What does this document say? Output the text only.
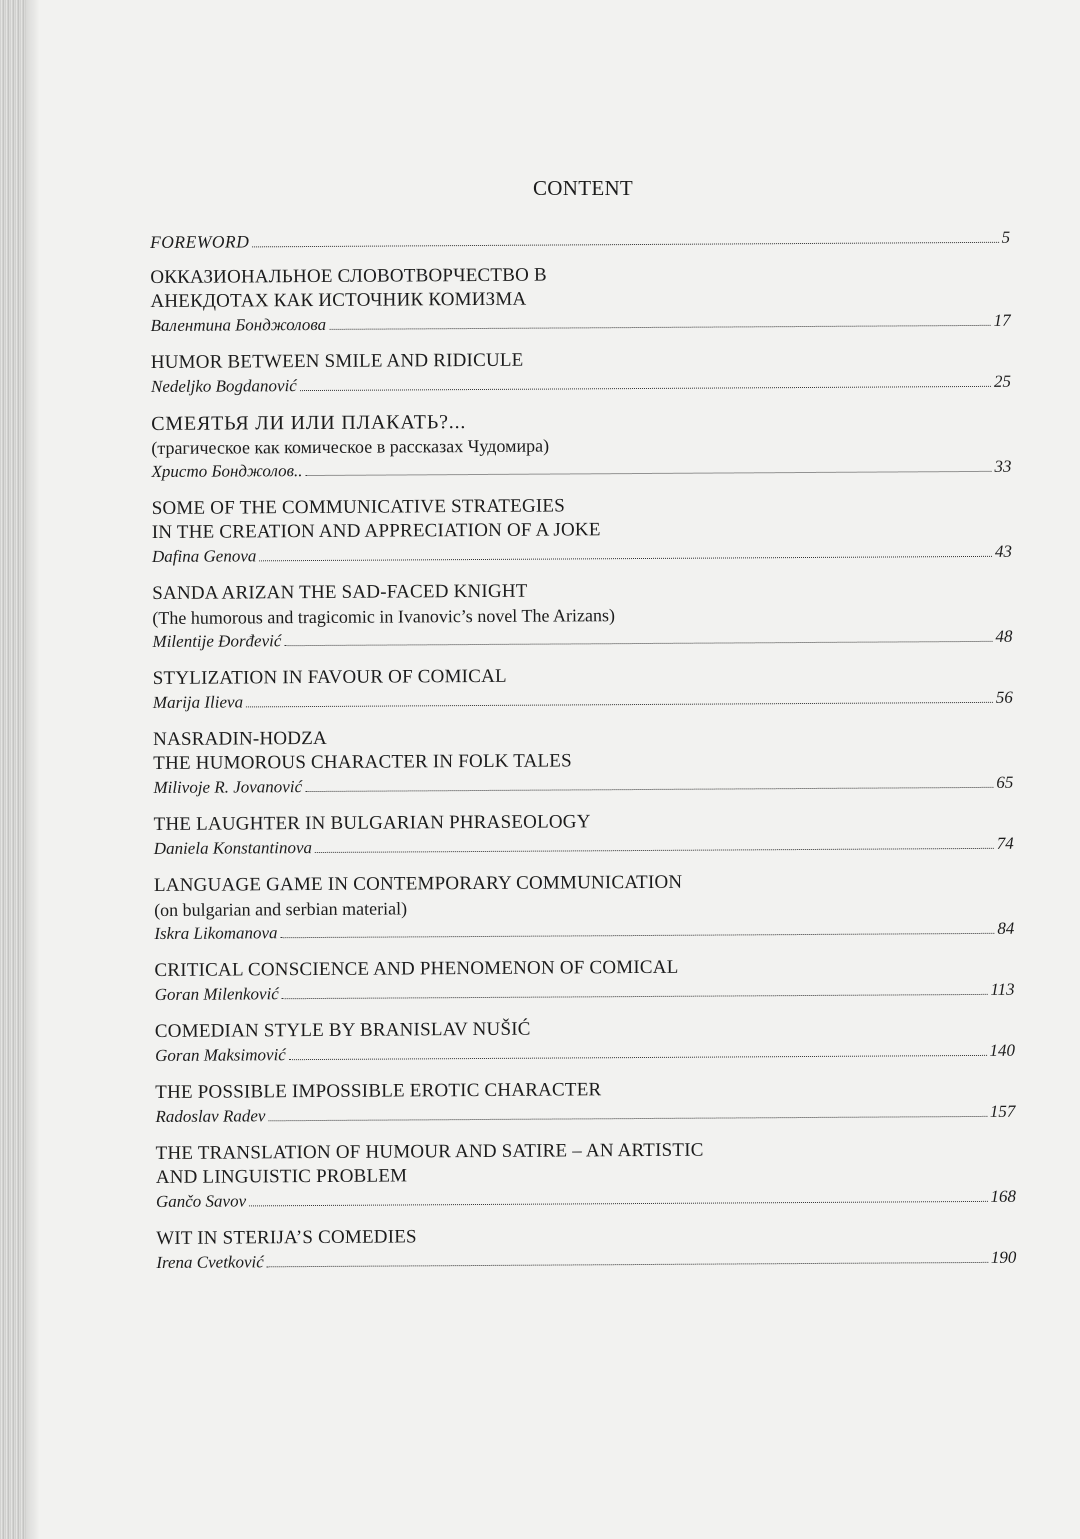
CONTENT
FOREWORD	5
ОККАЗИОНАЛЬНОЕ СЛОВОТВОРЧЕСТВО В
АНЕКДОТАХ КАК ИСТОЧНИК КОМИЗМА
Валентина Бонджолова	17
HUMOR BETWEEN SMILE AND RIDICULE
Nedeljko Bogdanović	25
СМЕЯТЬЯ ЛИ ИЛИ ПЛАКАТЬ?...
(трагическое как комическое в рассказах Чудомира)
Христо Бонджолов..	33
SOME OF THE COMMUNICATIVE STRATEGIES
IN THE CREATION AND APPRECIATION OF A JOKE
Dafina Genova	43
SANDA ARIZAN THE SAD-FACED KNIGHT
(The humorous and tragicomic in Ivanovic’s novel The Arizans)
Milentije Đorđević	48
STYLIZATION IN FAVOUR OF COMICAL
Marija Ilieva	56
NASRADIN-HODZA
THE HUMOROUS CHARACTER IN FOLK TALES
Milivoje R. Jovanović	65
THE LAUGHTER IN BULGARIAN PHRASEOLOGY
Daniela Konstantinova	74
LANGUAGE GAME IN CONTEMPORARY COMMUNICATION
(on bulgarian and serbian material)
Iskra Likomanova	84
CRITICAL CONSCIENCE AND PHENOMENON OF COMICAL
Goran Milenković	113
COMEDIAN STYLE BY BRANISLAV NUŠIĆ
Goran Maksimović	140
THE POSSIBLE IMPOSSIBLE EROTIC CHARACTER
Radoslav Radev	157
THE TRANSLATION OF HUMOUR AND SATIRE – AN ARTISTIC
AND LINGUISTIC PROBLEM
Gančo Savov	168
WIT IN STERIJA’S COMEDIES
Irena Cvetković	190
